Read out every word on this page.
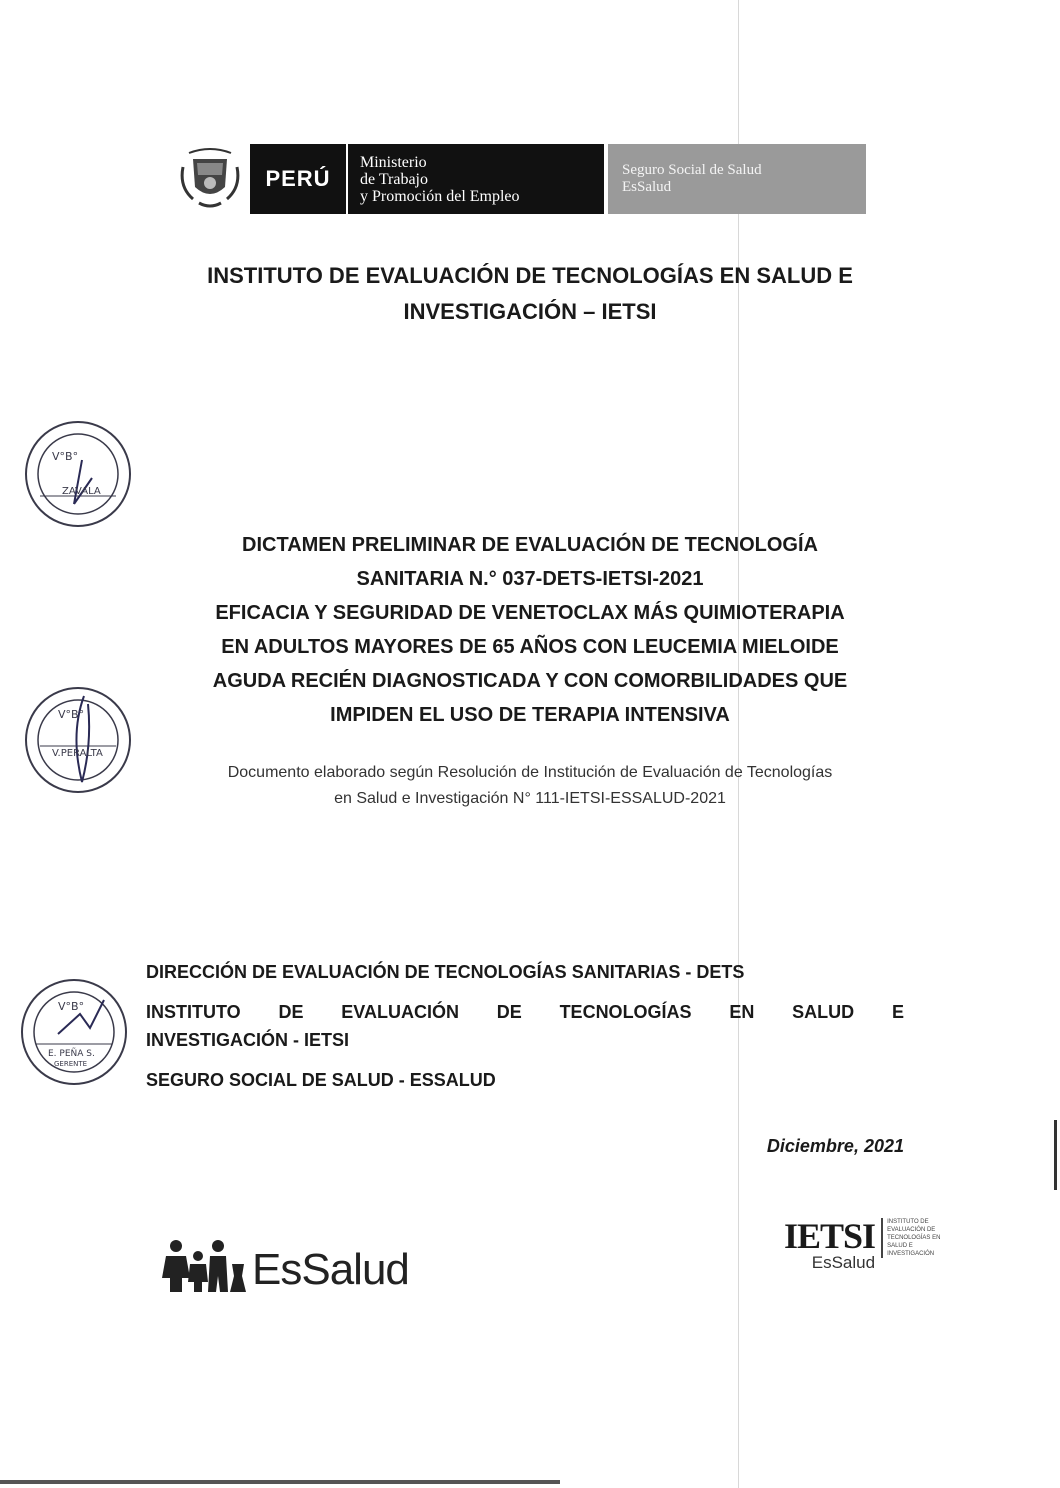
PERÚ
Ministerio
de Trabajo
y Promoción del Empleo
Seguro Social de Salud
EsSalud
INSTITUTO DE EVALUACIÓN DE TECNOLOGÍAS EN SALUD E
INVESTIGACIÓN – IETSI
V°B°
ZAVALA
V°B°
V.PERALTA
V°B°
E. PEÑA S.
GERENTE
DICTAMEN PRELIMINAR DE EVALUACIÓN DE TECNOLOGÍA
SANITARIA N.° 037-DETS-IETSI-2021
EFICACIA Y SEGURIDAD DE VENETOCLAX MÁS QUIMIOTERAPIA
EN ADULTOS MAYORES DE 65 AÑOS CON LEUCEMIA MIELOIDE
AGUDA RECIÉN DIAGNOSTICADA Y CON COMORBILIDADES QUE
IMPIDEN EL USO DE TERAPIA INTENSIVA
Documento elaborado según Resolución de Institución de Evaluación de Tecnologías
en Salud e Investigación N° 111-IETSI-ESSALUD-2021
DIRECCIÓN DE EVALUACIÓN DE TECNOLOGÍAS SANITARIAS - DETS
INSTITUTO DE EVALUACIÓN DE TECNOLOGÍAS EN SALUD E
INVESTIGACIÓN - IETSI
SEGURO SOCIAL DE SALUD - ESSALUD
Diciembre, 2021
EsSalud
IETSI
EsSalud
INSTITUTO DE
EVALUACIÓN DE
TECNOLOGÍAS EN
SALUD E
INVESTIGACIÓN
